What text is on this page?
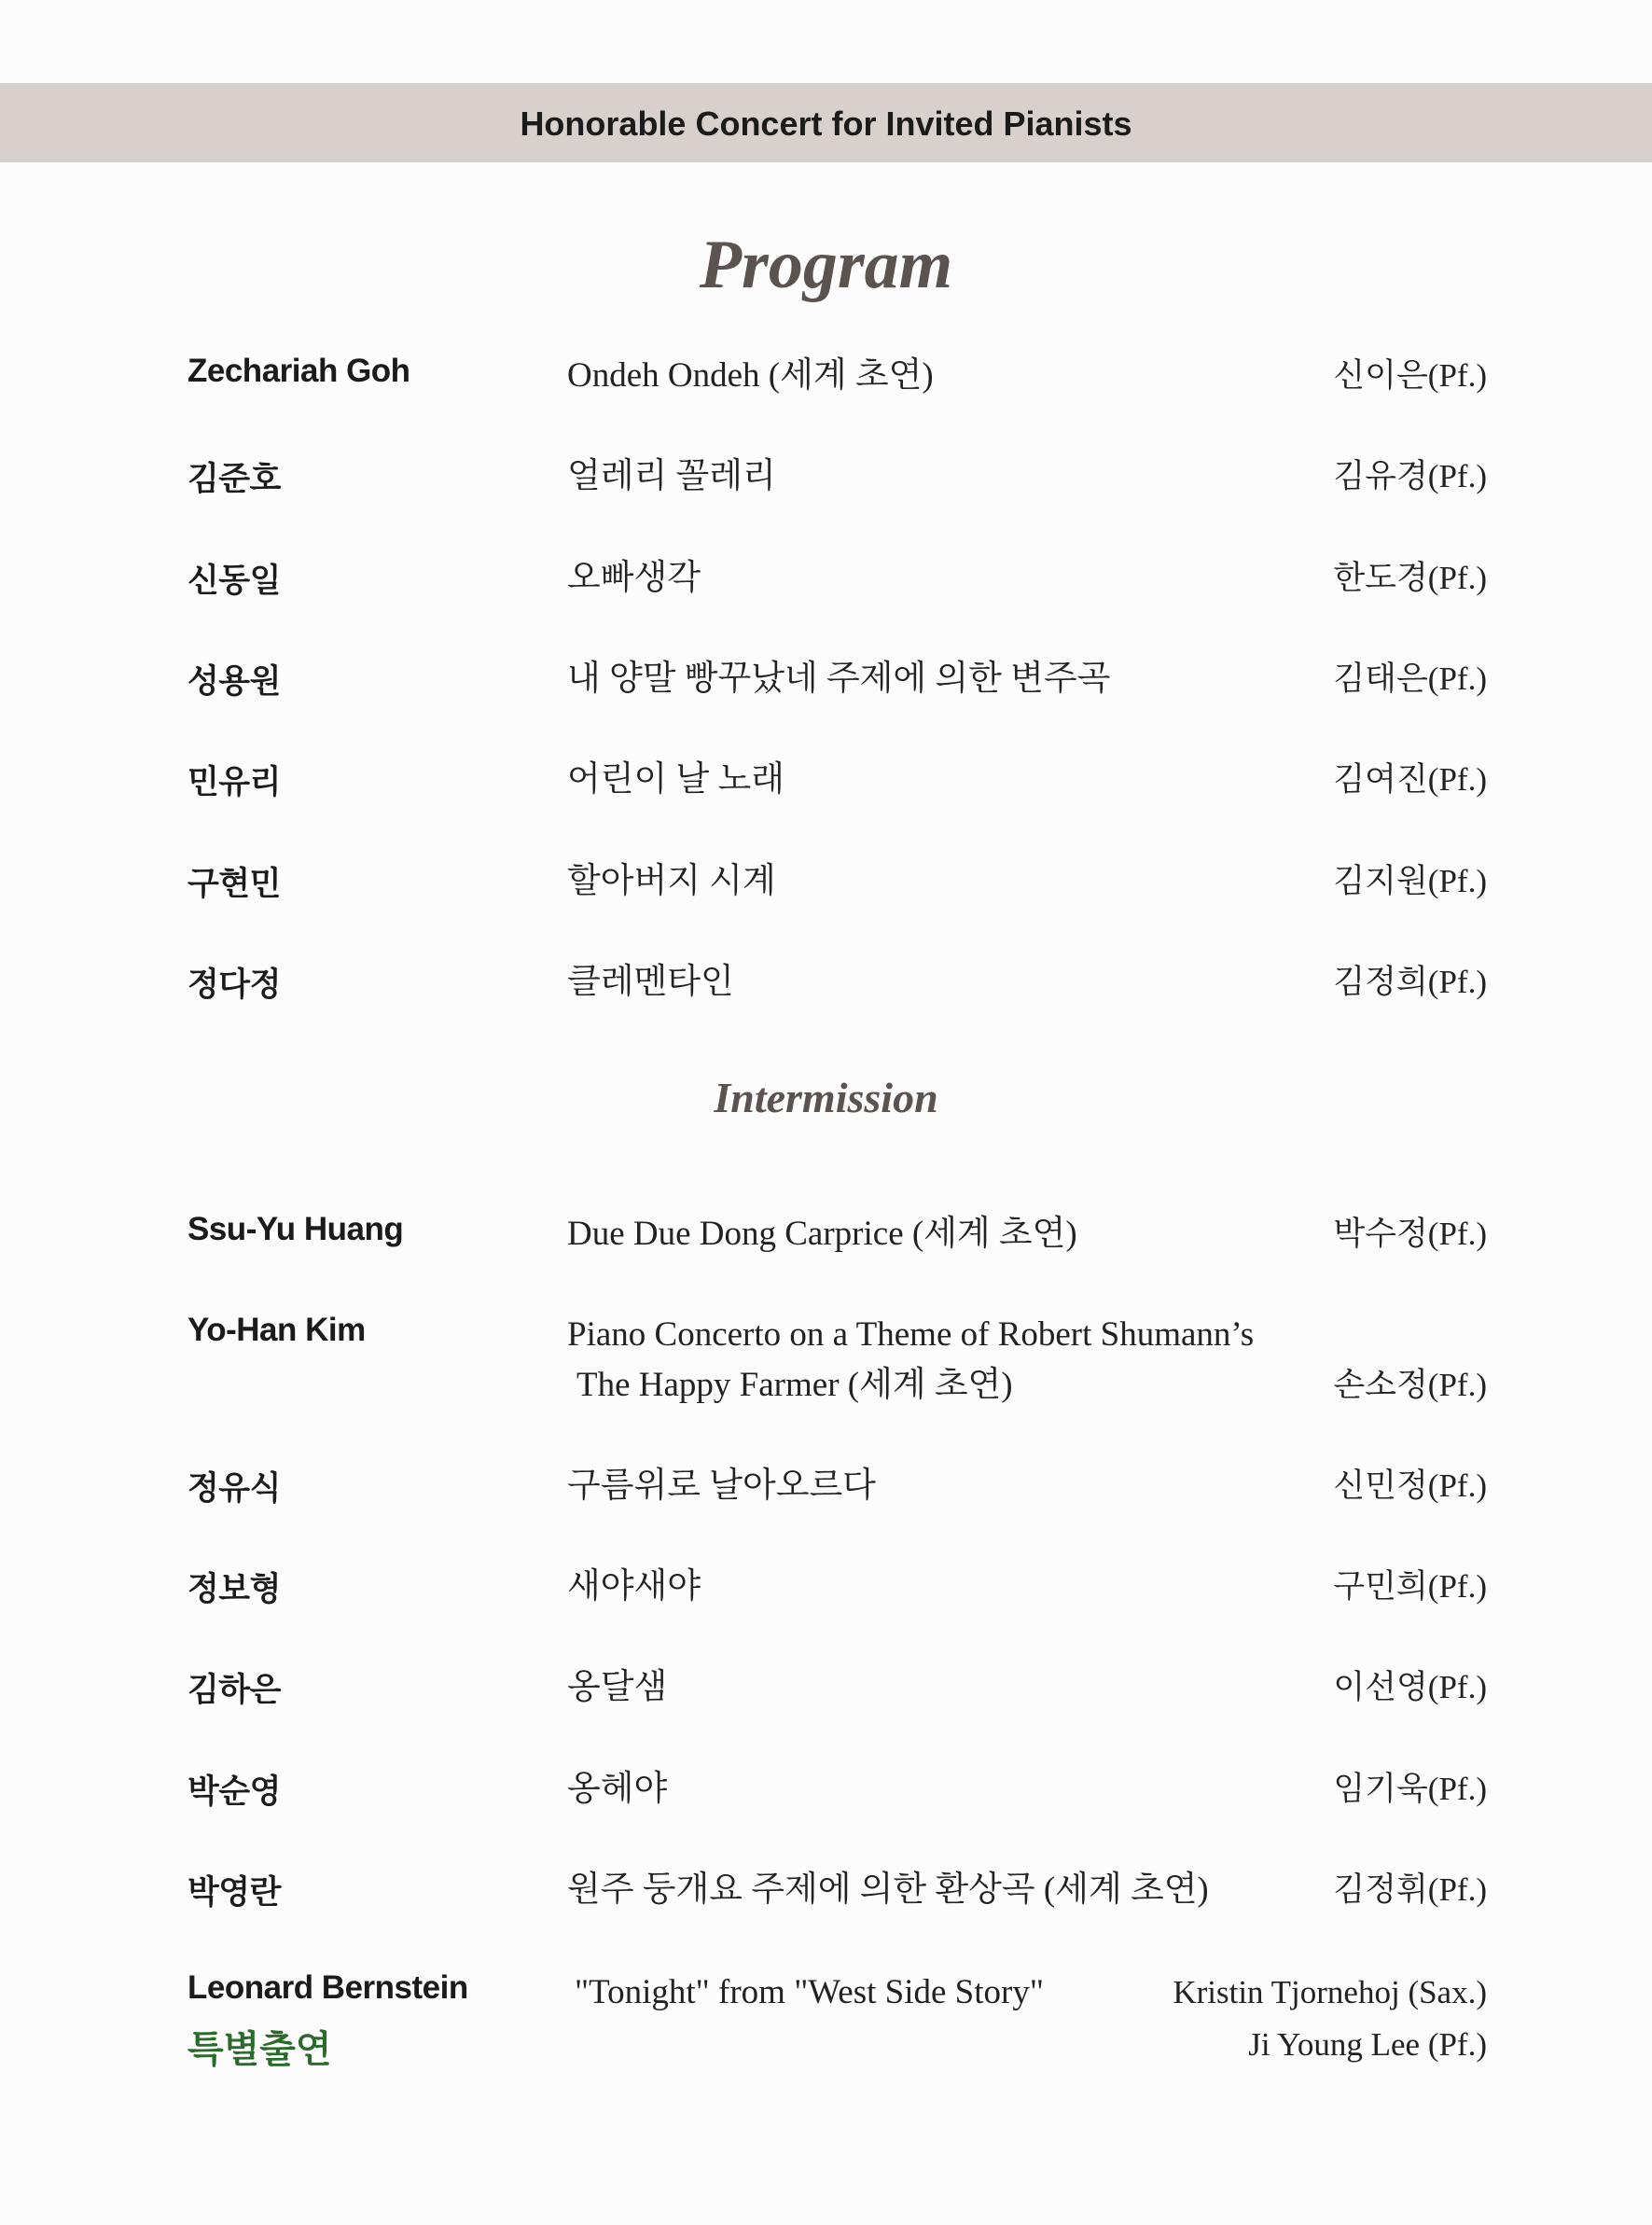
Honorable Concert for Invited Pianists
Program
Zechariah Goh	Ondeh Ondeh (세계 초연)	신이은(Pf.)
김준호	얼레리 꼴레리	김유경(Pf.)
신동일	오빠생각	한도경(Pf.)
성용원	내 양말 빵꾸났네 주제에 의한 변주곡	김태은(Pf.)
민유리	어린이 날 노래	김여진(Pf.)
구현민	할아버지 시계	김지원(Pf.)
정다정	클레멘타인	김정희(Pf.)
Intermission
Ssu-Yu Huang	Due Due Dong Carprice (세계 초연)	박수정(Pf.)
Yo-Han Kim	Piano Concerto on a Theme of Robert Shumann’s
The Happy Farmer (세계 초연)	손소정(Pf.)
정유식	구름위로 날아오르다	신민정(Pf.)
정보형	새야새야	구민희(Pf.)
김하은	옹달샘	이선영(Pf.)
박순영	옹헤야	임기욱(Pf.)
박영란	원주 둥개요 주제에 의한 환상곡 (세계 초연)	김정휘(Pf.)
Leonard Bernstein	"Tonight" from "West Side Story"	Kristin Tjornehoj (Sax.)
Ji Young Lee (Pf.)
특별출연
